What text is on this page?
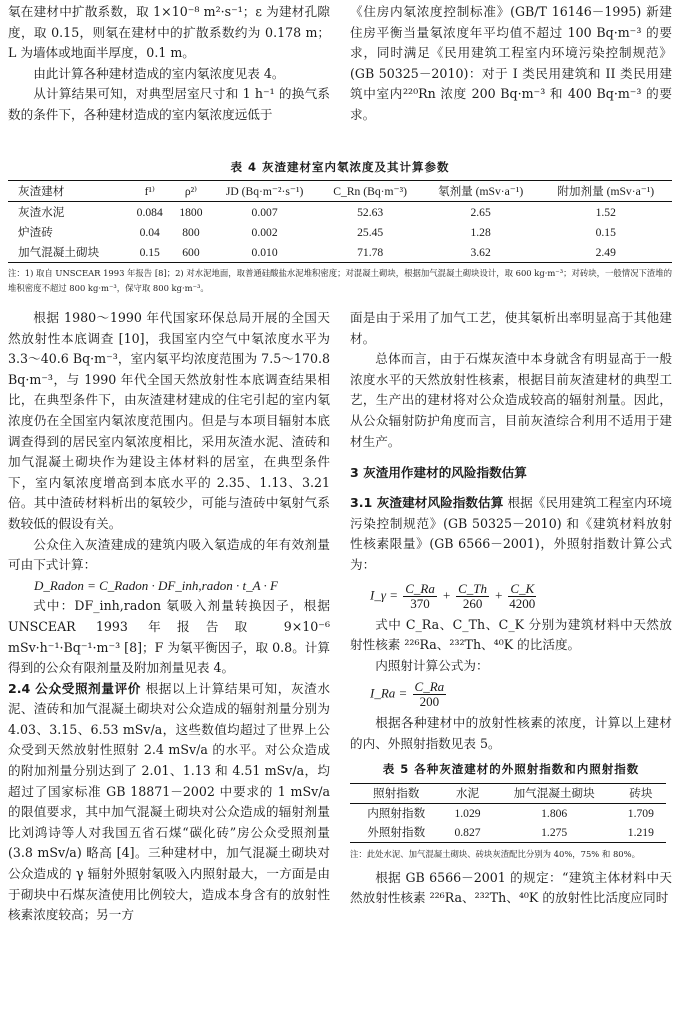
氡在建材中扩散系数，取 1×10⁻⁸ m²·s⁻¹；ε 为建材孔隙度，取 0.15，则氡在建材中的扩散系数约为 0.178 m；L 为墙体或地面半厚度，0.1 m。

由此计算各种建材造成的室内氡浓度见表 4。

从计算结果可知，对典型居室尺寸和 1 h⁻¹ 的换气系数的条件下，各种建材造成的室内氡浓度远低于

《住房内氡浓度控制标准》(GB/T 16146－1995) 新建住房平衡当量氡浓度年平均值不超过 100 Bq·m⁻³ 的要求，同时满足《民用建筑工程室内环境污染控制规范》(GB 50325－2010)：对于 I 类民用建筑和 II 类民用建筑中室内²²⁰Rn 浓度 200 Bq·m⁻³ 和 400 Bq·m⁻³ 的要求。

表 4 灰渣建材室内氡浓度及其计算参数
灰渣建材	f¹⁾	ρ²⁾	JD (Bq·m⁻²·s⁻¹)	C_Rn (Bq·m⁻³)	氡剂量 (mSv·a⁻¹)	附加剂量 (mSv·a⁻¹)
灰渣水泥	0.084	1800	0.007	52.63	2.65	1.52
炉渣砖	0.04	800	0.002	25.45	1.28	0.15
加气混凝土砌块	0.15	600	0.010	71.78	3.62	2.49

注：1) 取自 UNSCEAR 1993 年报告 [8]；2) 对水泥地面，取普通硅酸盐水泥堆积密度；对混凝土砌块，根据加气混凝土砌块设计，取 600 kg·m⁻³；对砖块，一般情况下渣堆的堆积密度不超过 800 kg·m⁻³，保守取 800 kg·m⁻³。

根据 1980～1990 年代国家环保总局开展的全国天然放射性本底调查 [10]，我国室内空气中氡浓度水平为 3.3～40.6 Bq·m⁻³，室内氡平均浓度范围为 7.5～170.8 Bq·m⁻³，与 1990 年代全国天然放射性本底调查结果相比，在典型条件下，由灰渣建材建成的住宅引起的室内氡浓度仍在全国室内氡浓度范围内。但是与本项目辐射本底调查得到的居民室内氡浓度相比，采用灰渣水泥、渣砖和加气混凝土砌块作为建设主体材料的居室，在典型条件下，室内氡浓度增高到本底水平的 2.35、1.13、3.21 倍。其中渣砖材料析出的氡较少，可能与渣砖中氡射气系数较低的假设有关。

公众住入灰渣建成的建筑内吸入氡造成的年有效剂量可由下式计算：

D_Radon = C_Radon · DF_inh,radon · t_A · F

式中：DF_inh,radon 氡吸入剂量转换因子，根据 UNSCEAR 1993 年报告取 9×10⁻⁶ mSv·h⁻¹·Bq⁻¹·m⁻³ [8]；F 为氡平衡因子，取 0.8。计算得到的公众有限剂量及附加剂量见表 4。

2.4 公众受照剂量评价 根据以上计算结果可知，灰渣水泥、渣砖和加气混凝土砌块对公众造成的辐射剂量分别为 4.03、3.15、6.53 mSv/a，这些数值均超过了世界上公众受到天然放射性照射 2.4 mSv/a 的水平。对公众造成的附加剂量分别达到了 2.01、1.13 和 4.51 mSv/a，均超过了国家标准 GB 18871－2002 中要求的 1 mSv/a 的限值要求，其中加气混凝土砌块对公众造成的辐射剂量比刘鸿诗等人对我国五省石煤“碳化砖”房公众受照剂量 (3.8 mSv/a) 略高 [4]。三种建材中，加气混凝土砌块对公众造成的 γ 辐射外照射氡吸入内照射最大，一方面是由于砌块中石煤灰渣使用比例较大，造成本身含有的放射性核素浓度较高；另一方

面是由于采用了加气工艺，使其氡析出率明显高于其他建材。

总体而言，由于石煤灰渣中本身就含有明显高于一般浓度水平的天然放射性核素，根据目前灰渣建材的典型工艺，生产出的建材将对公众造成较高的辐射剂量。因此，从公众辐射防护角度而言，目前灰渣综合利用不适用于建材生产。

3 灰渣用作建材的风险指数估算

3.1 灰渣建材风险指数估算 根据《民用建筑工程室内环境污染控制规范》(GB 50325－2010) 和《建筑材料放射性核素限量》(GB 6566－2001)，外照射指数计算公式为：

I_γ = $\frac{C\_Ra}{370} + \frac{C\_Th}{260} + \frac{C\_K}{4200}$

式中 C_Ra、C_Th、C_K 分别为建筑材料中天然放射性核素 ²²⁶Ra、²³²Th、⁴⁰K 的比活度。

内照射计算公式为：

I_Ra = $\frac{C\_Ra}{200}$

根据各种建材中的放射性核素的浓度，计算以上建材的内、外照射指数见表 5。

表 5 各种灰渣建材的外照射指数和内照射指数
照射指数	水泥	加气混凝土砌块	砖块
内照射指数	1.029	1.806	1.709
外照射指数	0.827	1.275	1.219

注：此处水泥、加气混凝土砌块、砖块灰渣配比分别为 40%，75% 和 80%。

根据 GB 6566－2001 的规定：“建筑主体材料中天然放射性核素 ²²⁶Ra、²³²Th、⁴⁰K 的放射性比活度应同时
